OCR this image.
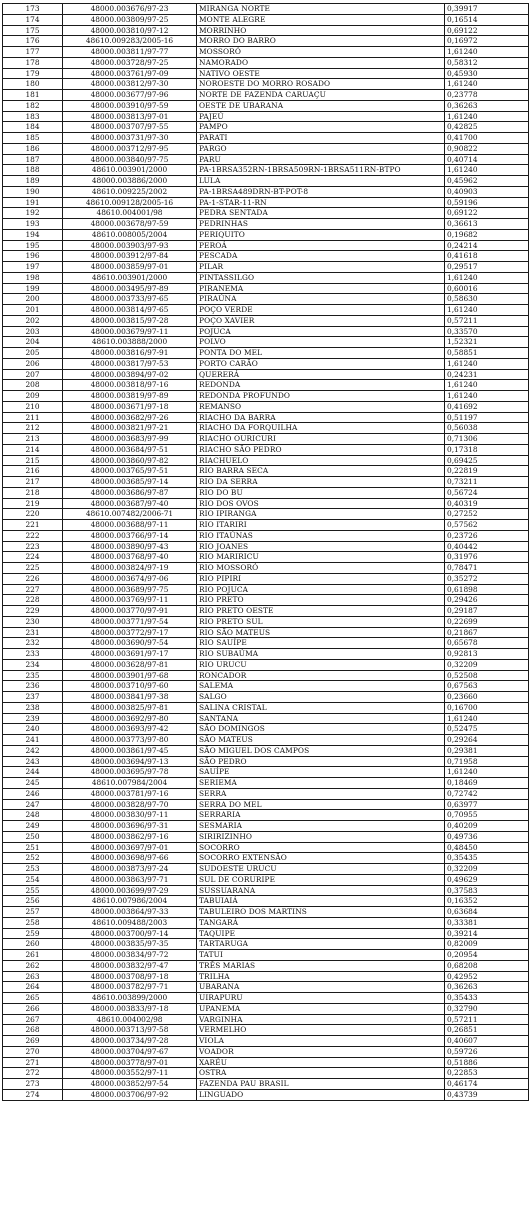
173	48000.003676/97-23	MIRANGA NORTE	0,39917
174	48000.003809/97-25	MONTE ALEGRE	0,16514
175	48000.003810/97-12	MORRINHO	0,69122
176	48610.009283/2005-16	MORRO DO BARRO	0,16972
177	48000.003811/97-77	MOSSORÓ	1,61240
178	48000.003728/97-25	NAMORADO	0,58312
179	48000.003761/97-09	NATIVO OESTE	0,45930
180	48000.003812/97-30	NOROESTE DO MORRO ROSADO	1,61240
181	48000.003677/97-96	NORTE DE FAZENDA CARUAÇU	0,23778
182	48000.003910/97-59	OESTE DE UBARANA	0,36263
183	48000.003813/97-01	PAJEÚ	1,61240
184	48000.003707/97-55	PAMPO	0,42825
185	48000.003731/97-30	PARATI	0,41700
186	48000.003712/97-95	PARGO	0,90822
187	48000.003840/97-75	PARU	0,40714
188	48610.003901/2000	PA-1BRSA352RN-1BRSA509RN-1BRSA511RN-BTPO	1,61240
189	48000.003886/2000	LULA	0,45962
190	48610.009225/2002	PA-1BRSA489DRN-BT-POT-8	0,40903
191	48610.009128/2005-16	PA-1-STAR-11-RN	0,59196
192	48610.004001/98	PEDRA SENTADA	0,69122
193	48000.003678/97-59	PEDRINHAS	0,36613
194	48610.008005/2004	PERIQUITO	0,19682
195	48000.003903/97-93	PEROÁ	0,24214
196	48000.003912/97-84	PESCADA	0,41618
197	48000.003859/97-01	PILAR	0,29517
198	48610.003901/2000	PINTASSILGO	1,61240
199	48000.003495/97-89	PIRANEMA	0,60016
200	48000.003733/97-65	PIRAÚNA	0,58630
201	48000.003814/97-65	POÇO VERDE	1,61240
202	48000.003815/97-28	POÇO XAVIER	0,57211
203	48000.003679/97-11	POJUCA	0,33570
204	48610.003888/2000	POLVO	1,52321
205	48000.003816/97-91	PONTA DO MEL	0,58851
206	48000.003817/97-53	PORTO CARÃO	1,61240
207	48000.003894/97-02	QUERERÁ	0,24231
208	48000.003818/97-16	REDONDA	1,61240
209	48000.003819/97-89	REDONDA PROFUNDO	1,61240
210	48000.003671/97-18	REMANSO	0,41692
211	48000.003682/97-26	RIACHO DA BARRA	0,51197
212	48000.003821/97-21	RIACHO DA FORQUILHA	0,56038
213	48000.003683/97-99	RIACHO OURICURI	0,71306
214	48000.003684/97-51	RIACHO SÃO PEDRO	0,17318
215	48000.003860/97-82	RIACHUELO	0,69425
216	48000.003765/97-51	RIO BARRA SECA	0,22819
217	48000.003685/97-14	RIO DA SERRA	0,73211
218	48000.003686/97-87	RIO DO BU	0,56724
219	48000.003687/97-40	RIO DOS OVOS	0,40319
220	48610.007482/2006-71	RIO IPIRANGA	0,27252
221	48000.003688/97-11	RIO ITARIRI	0,57562
222	48000.003766/97-14	RIO ITAÚNAS	0,23726
223	48000.003890/97-43	RIO JOANES	0,40442
224	48000.003768/97-40	RIO MARIRICU	0,31976
225	48000.003824/97-19	RIO MOSSORÓ	0,78471
226	48000.003674/97-06	RIO PIPIRI	0,35272
227	48000.003689/97-75	RIO POJUCA	0,61898
228	48000.003769/97-11	RIO PRETO	0,29426
229	48000.003770/97-91	RIO PRETO OESTE	0,29187
230	48000.003771/97-54	RIO PRETO SUL	0,22699
231	48000.003772/97-17	RIO SÃO MATEUS	0,21867
232	48000.003690/97-54	RIO SAUÍPE	0,65678
233	48000.003691/97-17	RIO SUBAÚMA	0,92813
234	48000.003628/97-81	RIO URUCU	0,32209
235	48000.003901/97-68	RONCADOR	0,52508
236	48000.003710/97-60	SALEMA	0,67563
237	48000.003841/97-38	SALGO	0,23660
238	48000.003825/97-81	SALINA CRISTAL	0,16700
239	48000.003692/97-80	SANTANA	1,61240
240	48000.003693/97-42	SÃO DOMINGOS	0,52475
241	48000.003773/97-80	SÃO MATEUS	0,29264
242	48000.003861/97-45	SÃO MIGUEL DOS CAMPOS	0,29381
243	48000.003694/97-13	SÃO PEDRO	0,71958
244	48000.003695/97-78	SAUÍPE	1,61240
245	48610.007984/2004	SERIEMA	0,18469
246	48000.003781/97-16	SERRA	0,72742
247	48000.003828/97-70	SERRA DO MEL	0,63977
248	48000.003830/97-11	SERRARIA	0,70955
249	48000.003696/97-31	SESMARIA	0,40209
250	48000.003862/97-16	SIRIRIZINHO	0,49736
251	48000.003697/97-01	SOCORRO	0,48450
252	48000.003698/97-66	SOCORRO EXTENSÃO	0,35435
253	48000.003873/97-24	SUDOESTE URUCU	0,32209
254	48000.003863/97-71	SUL DE CORURIPE	0,49629
255	48000.003699/97-29	SUSSUARANA	0,37583
256	48610.007986/2004	TABUIAIÁ	0,16352
257	48000.003864/97-33	TABULEIRO DOS MARTINS	0,63684
258	48610.009488/2003	TANGARÁ	0,33381
259	48000.003700/97-14	TAQUIPE	0,39214
260	48000.003835/97-35	TARTARUGA	0,82009
261	48000.003834/97-72	TATUI	0,20954
262	48000.003832/97-47	TRÊS MARIAS	0,68208
263	48000.003708/97-18	TRILHA	0,42952
264	48000.003782/97-71	UBARANA	0,36263
265	48610.003899/2000	UIRAPURU	0,35433
266	48000.003833/97-18	UPANEMA	0,32790
267	48610.004002/98	VARGINHA	0,57211
268	48000.003713/97-58	VERMELHO	0,26851
269	48000.003734/97-28	VIOLA	0,40607
270	48000.003704/97-67	VOADOR	0,59726
271	48000.003778/97-01	XARÉU	0,51886
272	48000.003552/97-11	OSTRA	0,22853
273	48000.003852/97-54	FAZENDA PAU BRASIL	0,46174
274	48000.003706/97-92	LINGUADO	0,43739
